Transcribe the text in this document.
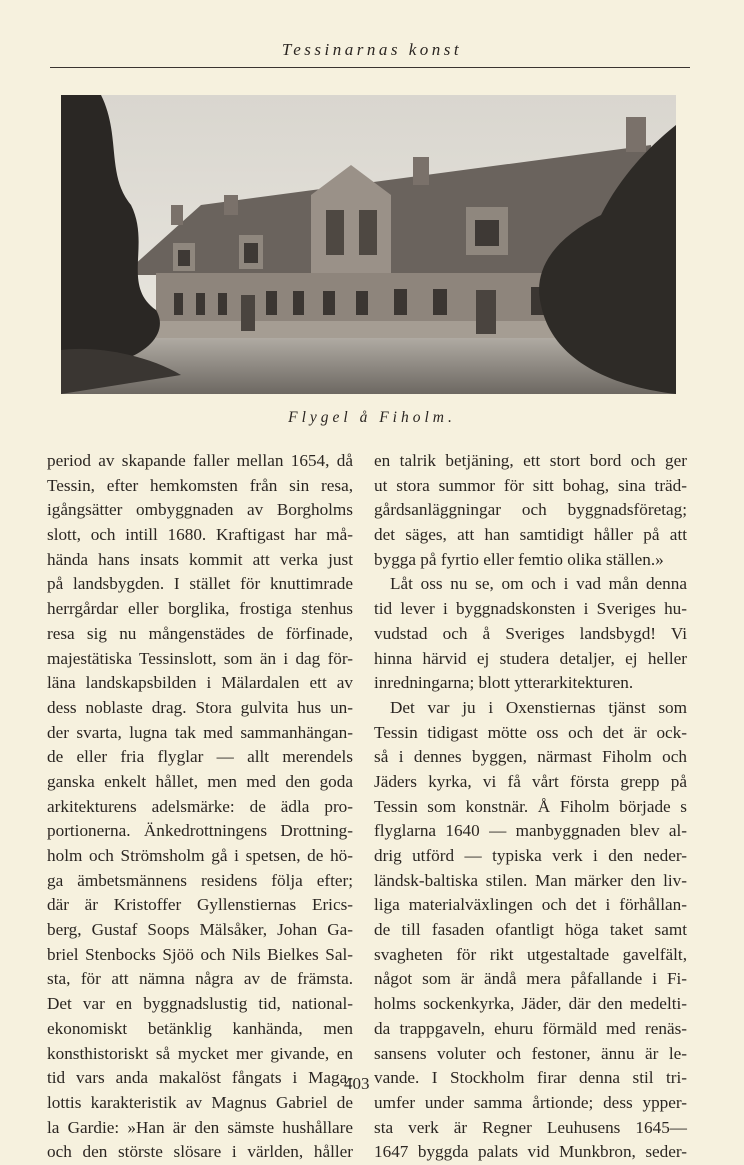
Tessinarnas konst
Flygel å Fiholm.
period av skapande faller mellan 1654, då
Tessin, efter hemkomsten från sin resa,
igångsätter ombyggnaden av Borgholms
slott, och intill 1680. Kraftigast har må-
hända hans insats kommit att verka just
på landsbygden. I stället för knuttimrade
herrgårdar eller borglika, frostiga stenhus
resa sig nu mångenstädes de förfinade,
majestätiska Tessinslott, som än i dag för-
läna landskapsbilden i Mälardalen ett av
dess noblaste drag. Stora gulvita hus un-
der svarta, lugna tak med sammanhängan-
de eller fria flyglar — allt merendels
ganska enkelt hållet, men med den goda
arkitekturens adelsmärke: de ädla pro-
portionerna. Änkedrottningens Drottning-
holm och Strömsholm gå i spetsen, de hö-
ga ämbetsmännens residens följa efter;
där är Kristoffer Gyllenstiernas Erics-
berg, Gustaf Soops Mälsåker, Johan Ga-
briel Stenbocks Sjöö och Nils Bielkes Sal-
sta, för att nämna några av de främsta.
Det var en byggnadslustig tid, national-
ekonomiskt betänklig kanhända, men
konsthistoriskt så mycket mer givande, en
tid vars anda makalöst fångats i Maga-
lottis karakteristik av Magnus Gabriel de
la Gardie: »Han är den sämste hushållare
och den störste slösare i världen, håller
en talrik betjäning, ett stort bord och ger
ut stora summor för sitt bohag, sina träd-
gårdsanläggningar och byggnadsföretag;
det säges, att han samtidigt håller på att
bygga på fyrtio eller femtio olika ställen.»
Låt oss nu se, om och i vad mån denna
tid lever i byggnadskonsten i Sveriges hu-
vudstad och å Sveriges landsbygd! Vi
hinna härvid ej studera detaljer, ej heller
inredningarna; blott ytterarkitekturen.
Det var ju i Oxenstiernas tjänst som
Tessin tidigast mötte oss och det är ock-
så i dennes byggen, närmast Fiholm och
Jäders kyrka, vi få vårt första grepp på
Tessin som konstnär. Å Fiholm började s
flyglarna 1640 — manbyggnaden blev al-
drig utförd — typiska verk i den neder-
ländsk-baltiska stilen. Man märker den liv-
liga materialväxlingen och det i förhållan-
de till fasaden ofantligt höga taket samt
svagheten för rikt utgestaltade gavelfält,
något som är ändå mera påfallande i Fi-
holms sockenkyrka, Jäder, där den medelti-
da trappgaveln, ehuru förmäld med renäs-
sansens voluter och festoner, ännu är le-
vande. I Stockholm firar denna stil tri-
umfer under samma årtionde; dess ypper-
sta verk är Regner Leuhusens 1645—
1647 byggda palats vid Munkbron, seder-
403
